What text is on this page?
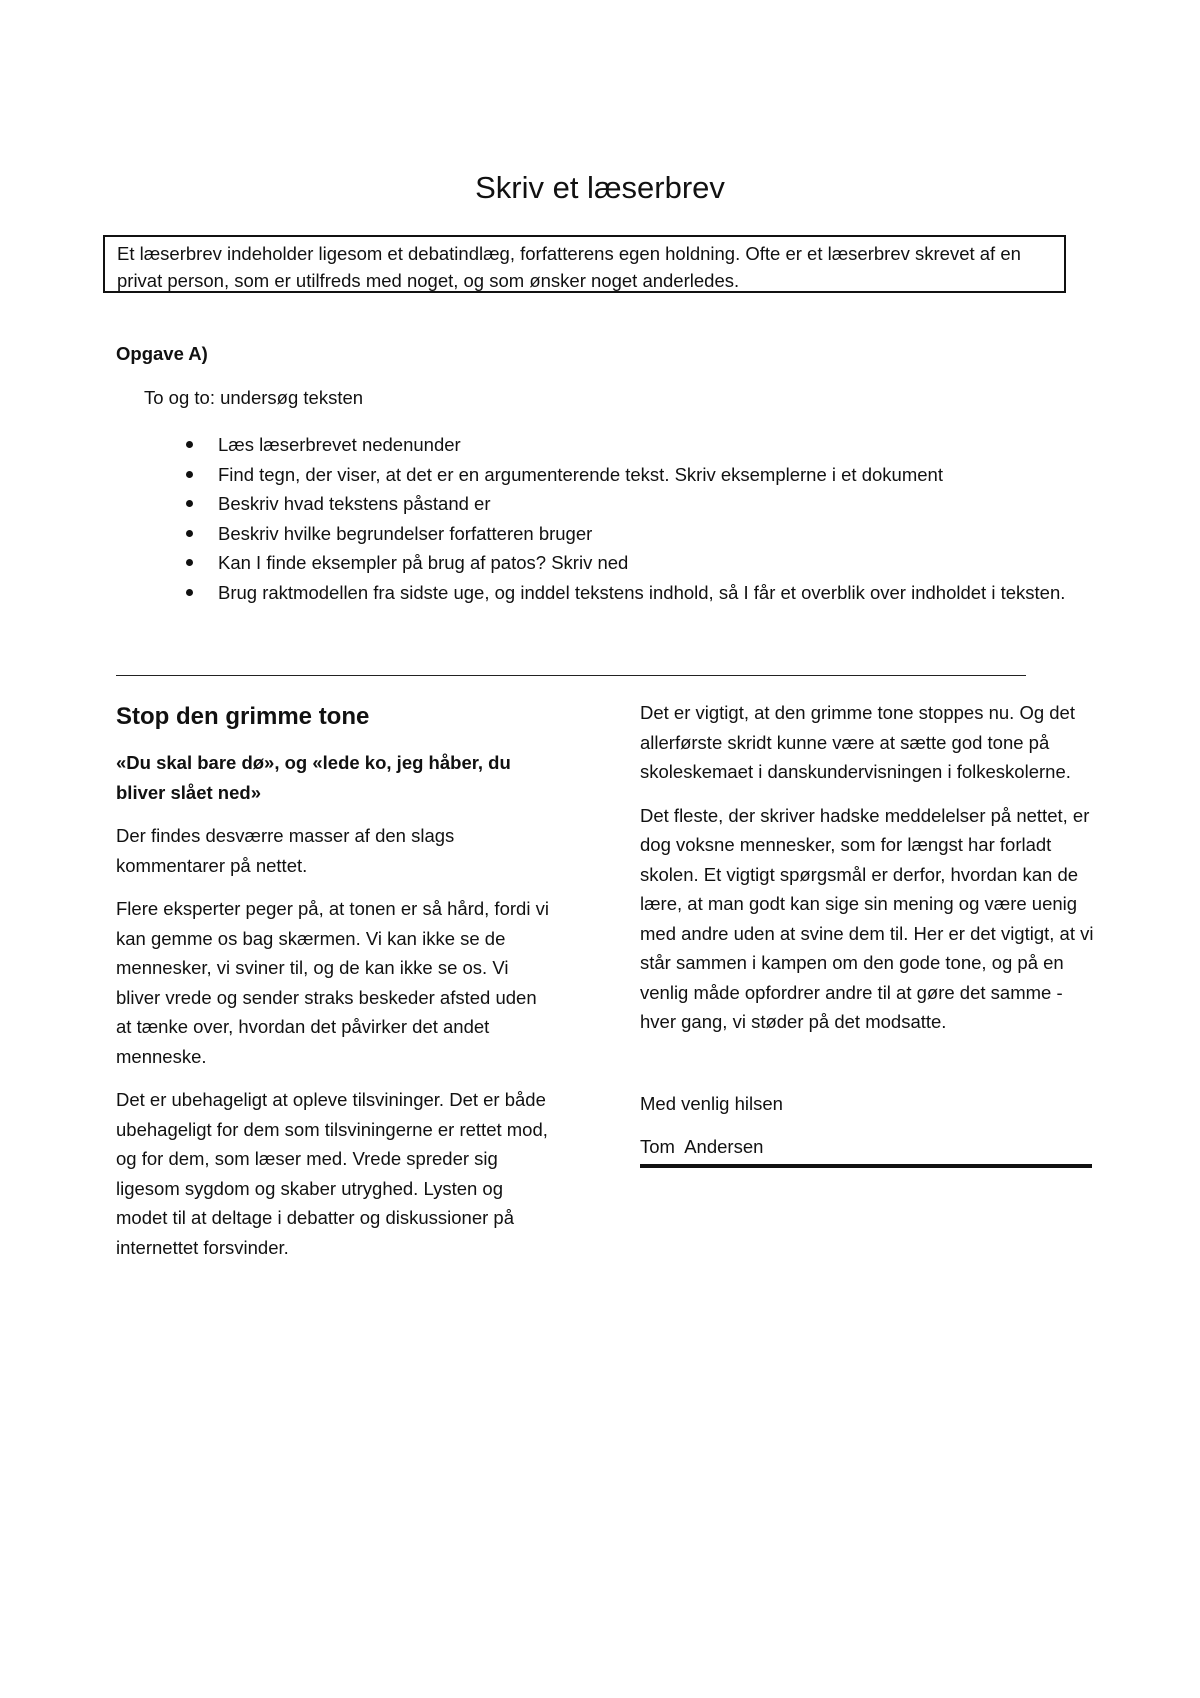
Skriv et læserbrev
Et læserbrev indeholder ligesom et debatindlæg, forfatterens egen holdning. Ofte er et læserbrev skrevet af en privat person, som er utilfreds med noget, og som ønsker noget anderledes.
Opgave A)
To og to: undersøg teksten
Læs læserbrevet nedenunder
Find tegn, der viser, at det er en argumenterende tekst. Skriv eksemplerne i et dokument
Beskriv hvad tekstens påstand er
Beskriv hvilke begrundelser forfatteren bruger
Kan I finde eksempler på brug af patos? Skriv ned
Brug raktmodellen fra sidste uge, og inddel tekstens indhold, så I får et overblik over indholdet i teksten.
Stop den grimme tone
«Du skal bare dø», og «lede ko, jeg håber, du bliver slået ned»

Der findes desværre masser af den slags kommentarer på nettet.

Flere eksperter peger på, at tonen er så hård, fordi vi kan gemme os bag skærmen. Vi kan ikke se de mennesker, vi sviner til, og de kan ikke se os. Vi bliver vrede og sender straks beskeder afsted uden at tænke over, hvordan det påvirker det andet menneske.

Det er ubehageligt at opleve tilsvininger. Det er både ubehageligt for dem som tilsviningerne er rettet mod, og for dem, som læser med. Vrede spreder sig ligesom sygdom og skaber utryghed. Lysten og modet til at deltage i debatter og diskussioner på internettet forsvinder.

Det er vigtigt, at den grimme tone stoppes nu. Og det allerførste skridt kunne være at sætte god tone på skoleskemaet i danskundervisningen i folkeskolerne.

Det fleste, der skriver hadske meddelelser på nettet, er dog voksne mennesker, som for længst har forladt skolen. Et vigtigt spørgsmål er derfor, hvordan kan de lære, at man godt kan sige sin mening og være uenig med andre uden at svine dem til. Her er det vigtigt, at vi står sammen i kampen om den gode tone, og på en venlig måde opfordrer andre til at gøre det samme - hver gang, vi støder på det modsatte.

Med venlig hilsen
Tom  Andersen
